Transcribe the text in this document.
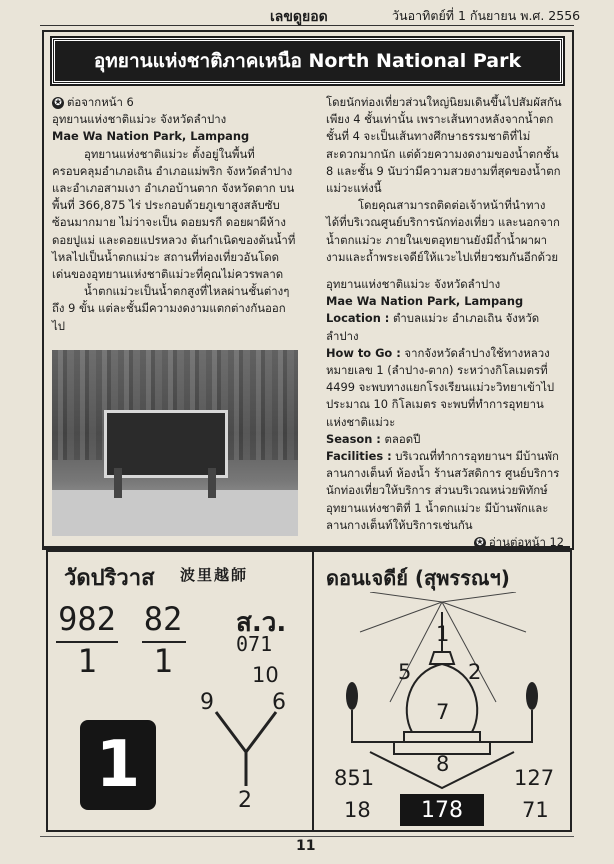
เลขดูยอด	วันอาทิตย์ที่ 1 กันยายน พ.ศ. 2556
อุทยานแห่งชาติภาคเหนือ North National Park

✪ ต่อจากหน้า 6

อุทยานแห่งชาติแม่วะ จังหวัดลำปาง

Mae Wa Nation Park, Lampang

อุทยานแห่งชาติแม่วะ ตั้งอยู่ในพื้นที่ครอบคลุมอำเภอเถิน อำเภอแม่พริก จังหวัดลำปาง และอำเภอสามเงา อำเภอบ้านตาก จังหวัดตาก บนพื้นที่ 366,875 ไร่ ประกอบด้วยภูเขาสูงสลับซับซ้อนมากมาย ไม่ว่าจะเป็น ดอยมรกี ดอยผาผีห้าง ดอยปูแม่ และดอยแปรหลวง ต้นกำเนิดของต้นน้ำที่ไหลไปเป็นน้ำตกแม่วะ สถานที่ท่องเที่ยวอันโดดเด่นของอุทยานแห่งชาติแม่วะที่คุณไม่ควรพลาด

น้ำตกแม่วะเป็นน้ำตกสูงที่ไหลผ่านชั้นต่างๆ ถึง 9 ขั้น แต่ละชั้นมีความงดงามแตกต่างกันออกไป

โดยนักท่องเที่ยวส่วนใหญ่นิยมเดินขึ้นไปสัมผัสกันเพียง 4 ชั้นเท่านั้น เพราะเส้นทางหลังจากน้ำตกชั้นที่ 4 จะเป็นเส้นทางศึกษาธรรมชาติที่ไม่สะดวกมากนัก แต่ด้วยความงดงามของน้ำตกชั้น 8 และชั้น 9 นับว่ามีความสวยงามที่สุดของน้ำตกแม่วะแห่งนี้

โดยคุณสามารถติดต่อเจ้าหน้าที่นำทางได้ที่บริเวณศูนย์บริการนักท่องเที่ยว และนอกจากน้ำตกแม่วะ ภายในเขตอุทยานยังมีถ้ำน้ำผาผางามและถ้ำพระเจดีย์ให้แวะไปเที่ยวชมกันอีกด้วย

อุทยานแห่งชาติแม่วะ จังหวัดลำปาง

Mae Wa Nation Park, Lampang

Location : ตำบลแม่วะ อำเภอเถิน จังหวัดลำปาง

How to Go : จากจังหวัดลำปางใช้ทางหลวงหมายเลข 1 (ลำปาง-ตาก) ระหว่างกิโลเมตรที่ 4499 จะพบทางแยกโรงเรียนแม่วะวิทยาเข้าไปประมาณ 10 กิโลเมตร จะพบที่ทำการอุทยานแห่งชาติแม่วะ

Season : ตลอดปี

Facilities : บริเวณที่ทำการอุทยานฯ มีบ้านพักลานกางเต็นท์ ห้องน้ำ ร้านสวัสดิการ ศูนย์บริการนักท่องเที่ยวให้บริการ ส่วนบริเวณหน่วยพิทักษ์อุทยานแห่งชาติที่ 1 น้ำตกแม่วะ มีบ้านพักและลานกางเต็นท์ให้บริการเช่นกัน

✪ อ่านต่อหน้า 12

วัดปริวาส 波里越師
982
1
82
1
ส.ว.
071
10
9	6
2
1
ดอนเจดีย์ (สุพรรณฯ)
1
5	2
7
8
851	127
18	178	71
11
